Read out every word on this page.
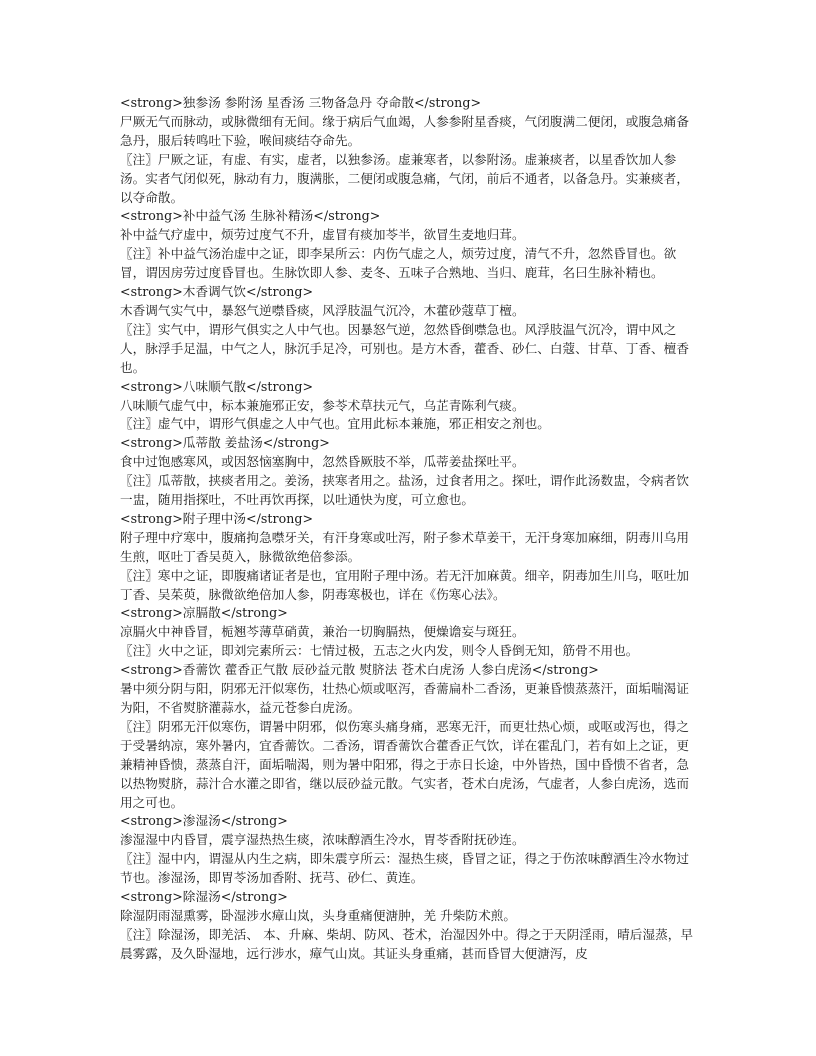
<strong>独参汤 参附汤 星香汤 三物备急丹 夺命散</strong>

尸厥无气而脉动，或脉微细有无间。缘于病后气血竭，人参参附星香痰，气闭腹满二便闭，或腹急痛备急丹，服后转鸣吐下验，喉间痰结夺命先。

〖注〗尸厥之证，有虚、有实，虚者，以独参汤。虚兼寒者，以参附汤。虚兼痰者，以星香饮加人参汤。实者气闭似死，脉动有力，腹满胀，二便闭或腹急痛，气闭，前后不通者，以备急丹。实兼痰者，以夺命散。

<strong>补中益气汤 生脉补精汤</strong>

补中益气疗虚中，烦劳过度气不升，虚冒有痰加苓半，欲冒生麦地归茸。

〖注〗补中益气汤治虚中之证，即李杲所云：内伤气虚之人，烦劳过度，清气不升，忽然昏冒也。欲冒，谓因房劳过度昏冒也。生脉饮即人参、麦冬、五味子合熟地、当归、鹿茸，名曰生脉补精也。

<strong>木香调气饮</strong>

木香调气实气中，暴怒气逆噤昏痰，风浮肢温气沉冷，木藿砂蔻草丁檀。

〖注〗实气中，谓形气俱实之人中气也。因暴怒气逆，忽然昏倒噤急也。风浮肢温气沉冷，谓中风之人，脉浮手足温，中气之人，脉沉手足冷，可别也。是方木香，藿香、砂仁、白蔻、甘草、丁香、檀香也。

<strong>八味顺气散</strong>

八味顺气虚气中，标本兼施邪正安，参苓术草扶元气，乌芷青陈利气痰。

〖注〗虚气中，谓形气俱虚之人中气也。宜用此标本兼施，邪正相安之剂也。

<strong>瓜蒂散 姜盐汤</strong>

食中过饱感寒风，或因怒恼塞胸中，忽然昏厥肢不举，瓜蒂姜盐探吐平。

〖注〗瓜蒂散，挟痰者用之。姜汤，挟寒者用之。盐汤，过食者用之。探吐，谓作此汤数盅，令病者饮一盅，随用指探吐，不吐再饮再探，以吐通快为度，可立愈也。

<strong>附子理中汤</strong>

附子理中疗寒中，腹痛拘急噤牙关，有汗身寒或吐泻，附子参术草姜干，无汗身寒加麻细，阴毒川乌用生煎，呕吐丁香吴萸入，脉微欲绝倍参添。

〖注〗寒中之证，即腹痛诸证者是也，宜用附子理中汤。若无汗加麻黄。细辛，阴毒加生川乌，呕吐加丁香、吴茱萸，脉微欲绝倍加人参，阴毒寒极也，详在《伤寒心法》。

<strong>凉膈散</strong>

凉膈火中神昏冒，栀翘芩薄草硝黄，兼治一切胸膈热，便燥谵妄与斑狂。

〖注〗火中之证，即刘完素所云：七情过极，五志之火内发，则令人昏倒无知，筋骨不用也。

<strong>香薷饮 藿香正气散 辰砂益元散 熨脐法 苍术白虎汤 人参白虎汤</strong>

暑中须分阴与阳，阴邪无汗似寒伤，壮热心烦或呕泻，香薷扁朴二香汤，更兼昏愦蒸蒸汗，面垢喘渴证为阳，不省熨脐灌蒜水，益元苍参白虎汤。

〖注〗阴邪无汗似寒伤，谓暑中阴邪，似伤寒头痛身痛，恶寒无汗，而更壮热心烦，或呕或泻也，得之于受暑纳凉，寒外暑内，宜香薷饮。二香汤，谓香薷饮合藿香正气饮，详在霍乱门，若有如上之证，更兼精神昏愦，蒸蒸自汗，面垢喘渴，则为暑中阳邪，得之于赤日长途，中外皆热，国中昏愦不省者，急以热物熨脐，蒜汁合水灌之即省，继以辰砂益元散。气实者，苍术白虎汤，气虚者，人参白虎汤，选而用之可也。

<strong>渗湿汤</strong>

渗湿湿中内昏冒，震亨湿热热生痰，浓味醇酒生冷水，胃苓香附抚砂连。

〖注〗湿中内，谓湿从内生之病，即朱震亨所云：湿热生痰，昏冒之证，得之于伤浓味醇酒生冷水物过节也。渗湿汤，即胃苓汤加香附、抚芎、砂仁、黄连。

<strong>除湿汤</strong>

除湿阴雨湿熏雾，卧湿涉水瘴山岚，头身重痛便溏肿，羌 升柴防术煎。

〖注〗除湿汤，即羌活、 本、升麻、柴胡、防风、苍术，治湿因外中。得之于天阴淫雨，晴后湿蒸，早晨雾露，及久卧湿地，远行涉水，瘴气山岚。其证头身重痛，甚而昏冒大便溏泻，皮
